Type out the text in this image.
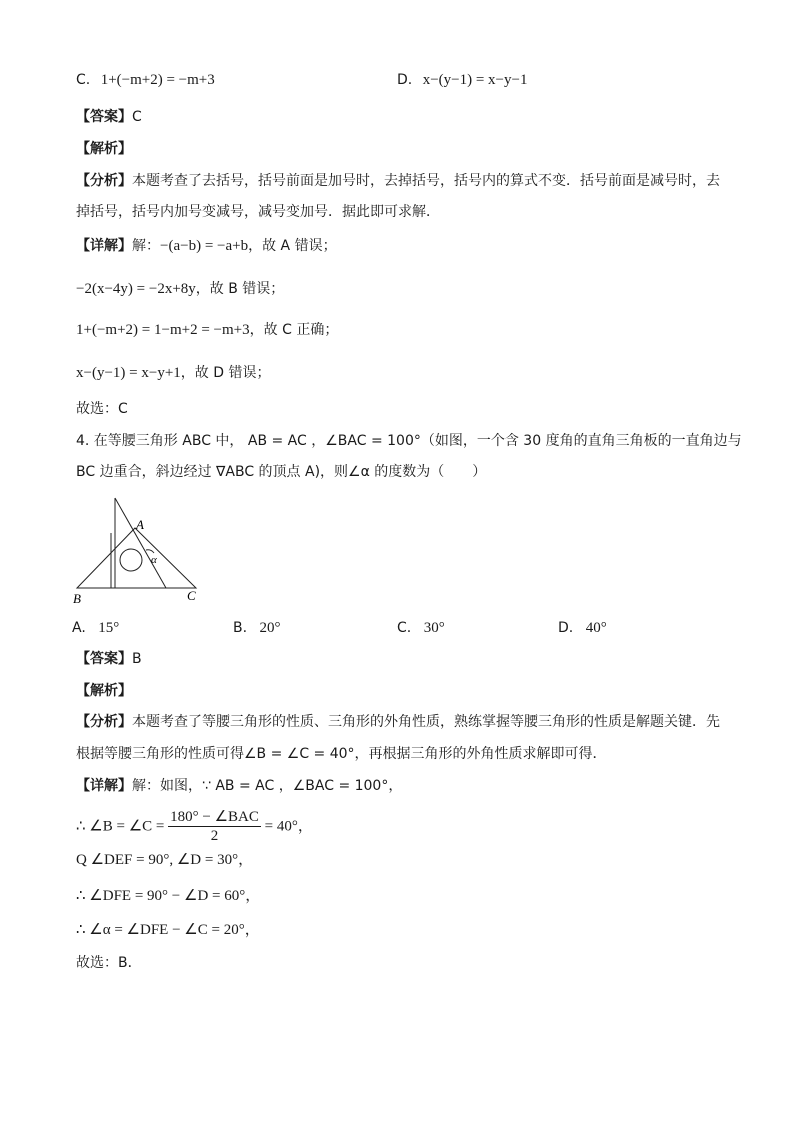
C. 1+(−m+2) = −m+3	D. x−(y−1) = x−y−1
【答案】C
【解析】
【分析】本题考查了去括号，括号前面是加号时，去掉括号，括号内的算式不变．括号前面是减号时，去
掉括号，括号内加号变减号，减号变加号．据此即可求解．
【详解】解：−(a−b) = −a+b，故 A 错误；
−2(x−4y) = −2x+8y，故 B 错误；
1+(−m+2) = 1−m+2 = −m+3，故 C 正确；
x−(y−1) = x−y+1，故 D 错误；
故选：C
4. 在等腰三角形 ABC 中， AB = AC ，∠BAC = 100°（如图，一个含 30 度角的直角三角板的一直角边与
BC 边重合，斜边经过 ∇ABC 的顶点 A)，则∠α 的度数为（　　）
A
α
B	C
A. 15°	B. 20°	C. 30°	D. 40°
【答案】B
【解析】
【分析】本题考查了等腰三角形的性质、三角形的外角性质，熟练掌握等腰三角形的性质是解题关键．先
根据等腰三角形的性质可得∠B = ∠C = 40°，再根据三角形的外角性质求解即可得．
【详解】解：如图，∵ AB = AC ，∠BAC = 100°，
∴ ∠B = ∠C = $\frac{\text{180° − ∠BAC}}{2} = 40^\circ$，
Q ∠DEF = 90°, ∠D = 30°，
∴ ∠DFE = 90° − ∠D = 60°，
∴ ∠α = ∠DFE − ∠C = 20°，
故选：B．
